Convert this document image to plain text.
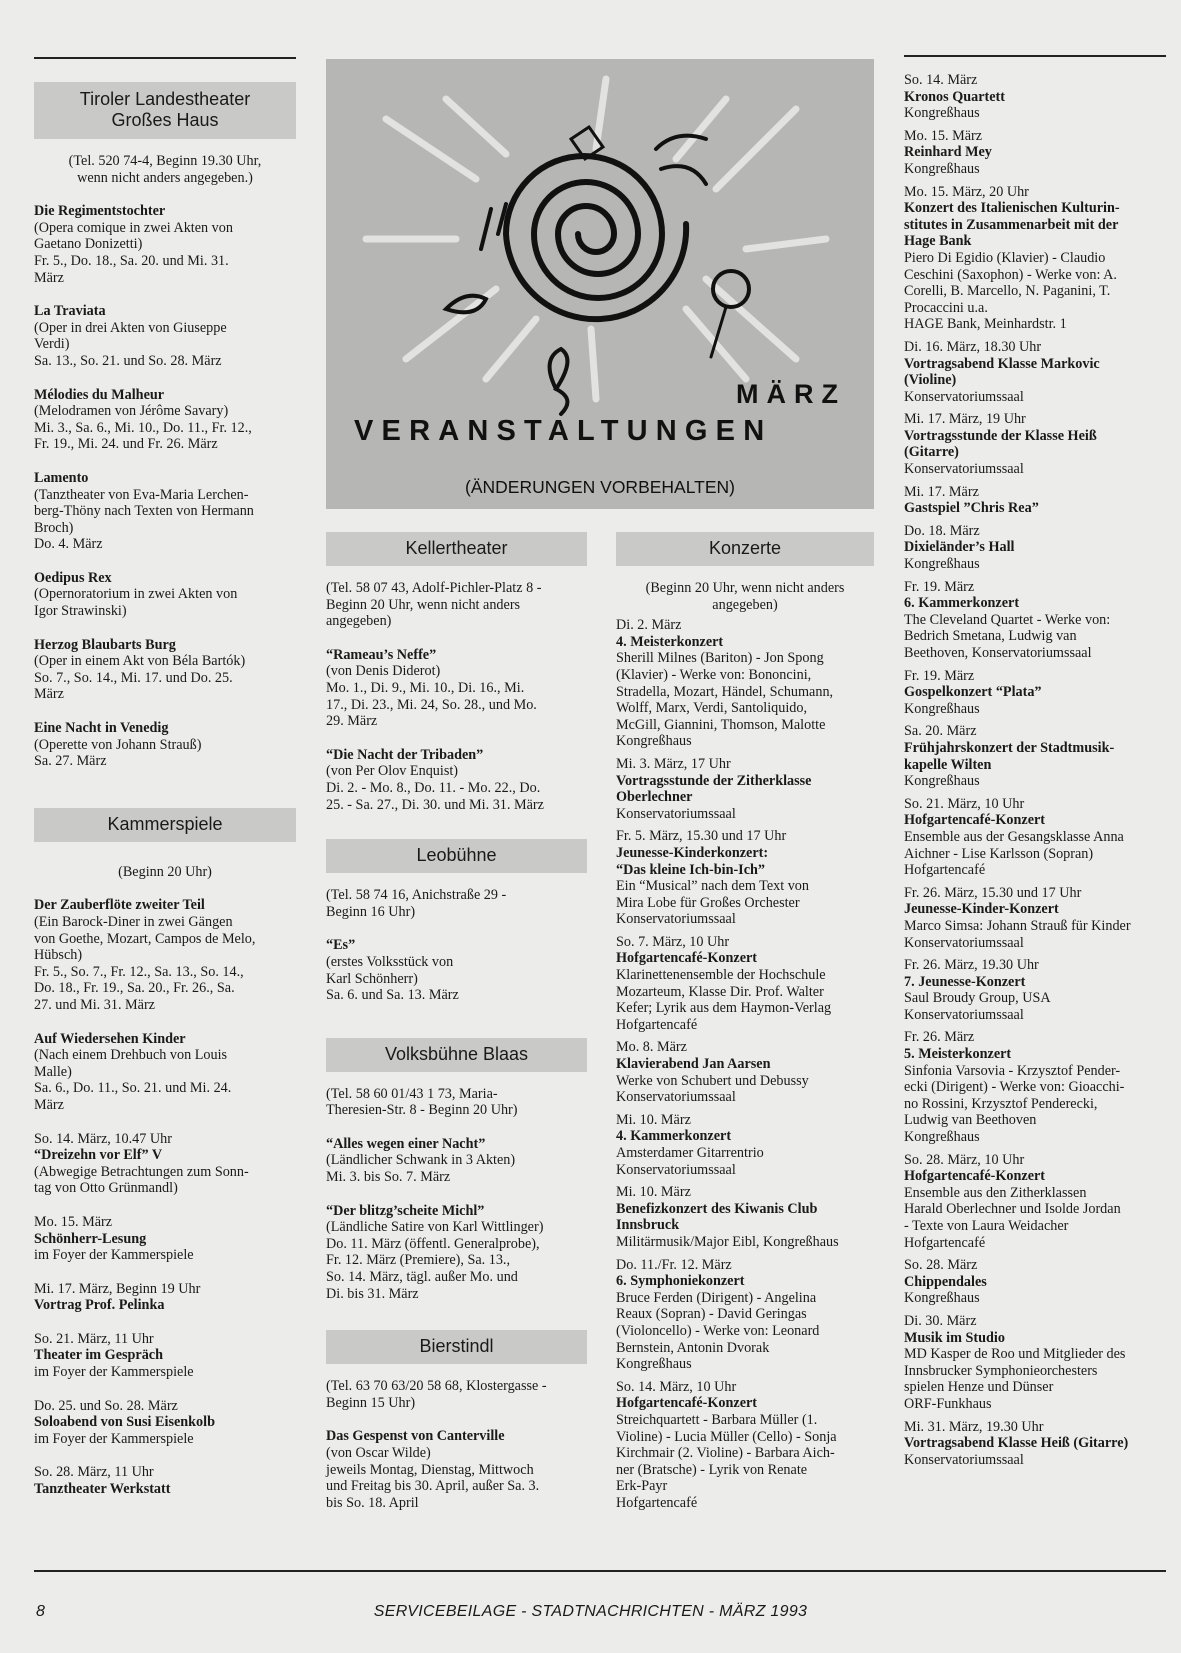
Tiroler Landestheater
Großes Haus
(Tel. 520 74-4, Beginn 19.30 Uhr,
wenn nicht anders angegeben.)
Die Regimentstochter
(Opera comique in zwei Akten von
Gaetano Donizetti)
Fr. 5., Do. 18., Sa. 20. und Mi. 31.
März
La Traviata
(Oper in drei Akten von Giuseppe
Verdi)
Sa. 13., So. 21. und So. 28. März
Mélodies du Malheur
(Melodramen von Jérôme Savary)
Mi. 3., Sa. 6., Mi. 10., Do. 11., Fr. 12.,
Fr. 19., Mi. 24. und Fr. 26. März
Lamento
(Tanztheater von Eva-Maria Lerchen-
berg-Thöny nach Texten von Hermann
Broch)
Do. 4. März
Oedipus Rex
(Opernoratorium in zwei Akten von
Igor Strawinski)
Herzog Blaubarts Burg
(Oper in einem Akt von Béla Bartók)
So. 7., So. 14., Mi. 17. und Do. 25.
März
Eine Nacht in Venedig
(Operette von Johann Strauß)
Sa. 27. März
Kammerspiele
(Beginn 20 Uhr)
Der Zauberflöte zweiter Teil
(Ein Barock-Diner in zwei Gängen
von Goethe, Mozart, Campos de Melo,
Hübsch)
Fr. 5., So. 7., Fr. 12., Sa. 13., So. 14.,
Do. 18., Fr. 19., Sa. 20., Fr. 26., Sa.
27. und Mi. 31. März
Auf Wiedersehen Kinder
(Nach einem Drehbuch von Louis
Malle)
Sa. 6., Do. 11., So. 21. und Mi. 24.
März
So. 14. März, 10.47 Uhr
“Dreizehn vor Elf” V
(Abwegige Betrachtungen zum Sonn-
tag von Otto Grünmandl)
Mo. 15. März
Schönherr-Lesung
im Foyer der Kammerspiele
Mi. 17. März, Beginn 19 Uhr
Vortrag Prof. Pelinka
So. 21. März, 11 Uhr
Theater im Gespräch
im Foyer der Kammerspiele
Do. 25. und So. 28. März
Soloabend von Susi Eisenkolb
im Foyer der Kammerspiele
So. 28. März, 11 Uhr
Tanztheater Werkstatt
MÄRZ
VERANSTALTUNGEN
(ÄNDERUNGEN VORBEHALTEN)
Kellertheater
(Tel. 58 07 43, Adolf-Pichler-Platz 8 -
Beginn 20 Uhr, wenn nicht anders
angegeben)
“Rameau’s Neffe”
(von Denis Diderot)
Mo. 1., Di. 9., Mi. 10., Di. 16., Mi.
17., Di. 23., Mi. 24, So. 28., und Mo.
29. März
“Die Nacht der Tribaden”
(von Per Olov Enquist)
Di. 2. - Mo. 8., Do. 11. - Mo. 22., Do.
25. - Sa. 27., Di. 30. und Mi. 31. März
Leobühne
(Tel. 58 74 16, Anichstraße 29 -
Beginn 16 Uhr)
“Es”
(erstes Volksstück von
Karl Schönherr)
Sa. 6. und Sa. 13. März
Volksbühne Blaas
(Tel. 58 60 01/43 1 73, Maria-
Theresien-Str. 8 - Beginn 20 Uhr)
“Alles wegen einer Nacht”
(Ländlicher Schwank in 3 Akten)
Mi. 3. bis So. 7. März
“Der blitzg’scheite Michl”
(Ländliche Satire von Karl Wittlinger)
Do. 11. März (öffentl. Generalprobe),
Fr. 12. März (Premiere), Sa. 13.,
So. 14. März, tägl. außer Mo. und
Di. bis 31. März
Bierstindl
(Tel. 63 70 63/20 58 68, Klostergasse -
Beginn 15 Uhr)
Das Gespenst von Canterville
(von Oscar Wilde)
jeweils Montag, Dienstag, Mittwoch
und Freitag bis 30. April, außer Sa. 3.
bis So. 18. April
Konzerte
(Beginn 20 Uhr, wenn nicht anders
angegeben)
Di. 2. März
4. Meisterkonzert
Sherill Milnes (Bariton) - Jon Spong
(Klavier) - Werke von: Bononcini,
Stradella, Mozart, Händel, Schumann,
Wolff, Marx, Verdi, Santoliquido,
McGill, Giannini, Thomson, Malotte
Kongreßhaus
Mi. 3. März, 17 Uhr
Vortragsstunde der Zitherklasse
Oberlechner
Konservatoriumssaal
Fr. 5. März, 15.30 und 17 Uhr
Jeunesse-Kinderkonzert:
“Das kleine Ich-bin-Ich”
Ein “Musical” nach dem Text von
Mira Lobe für Großes Orchester
Konservatoriumssaal
So. 7. März, 10 Uhr
Hofgartencafé-Konzert
Klarinettenensemble der Hochschule
Mozarteum, Klasse Dir. Prof. Walter
Kefer; Lyrik aus dem Haymon-Verlag
Hofgartencafé
Mo. 8. März
Klavierabend Jan Aarsen
Werke von Schubert und Debussy
Konservatoriumssaal
Mi. 10. März
4. Kammerkonzert
Amsterdamer Gitarrentrio
Konservatoriumssaal
Mi. 10. März
Benefizkonzert des Kiwanis Club
Innsbruck
Militärmusik/Major Eibl, Kongreßhaus
Do. 11./Fr. 12. März
6. Symphoniekonzert
Bruce Ferden (Dirigent) - Angelina
Reaux (Sopran) - David Geringas
(Violoncello) - Werke von: Leonard
Bernstein, Antonin Dvorak
Kongreßhaus
So. 14. März, 10 Uhr
Hofgartencafé-Konzert
Streichquartett - Barbara Müller (1.
Violine) - Lucia Müller (Cello) - Sonja
Kirchmair (2. Violine) - Barbara Aich-
ner (Bratsche) - Lyrik von Renate
Erk-Payr
Hofgartencafé
So. 14. März
Kronos Quartett
Kongreßhaus
Mo. 15. März
Reinhard Mey
Kongreßhaus
Mo. 15. März, 20 Uhr
Konzert des Italienischen Kulturin-
stitutes in Zusammenarbeit mit der
Hage Bank
Piero Di Egidio (Klavier) - Claudio
Ceschini (Saxophon) - Werke von: A.
Corelli, B. Marcello, N. Paganini, T.
Procaccini u.a.
HAGE Bank, Meinhardstr. 1
Di. 16. März, 18.30 Uhr
Vortragsabend Klasse Markovic
(Violine)
Konservatoriumssaal
Mi. 17. März, 19 Uhr
Vortragsstunde der Klasse Heiß
(Gitarre)
Konservatoriumssaal
Mi. 17. März
Gastspiel ”Chris Rea”
Do. 18. März
Dixieländer’s Hall
Kongreßhaus
Fr. 19. März
6. Kammerkonzert
The Cleveland Quartet - Werke von:
Bedrich Smetana, Ludwig van
Beethoven, Konservatoriumssaal
Fr. 19. März
Gospelkonzert “Plata”
Kongreßhaus
Sa. 20. März
Frühjahrskonzert der Stadtmusik-
kapelle Wilten
Kongreßhaus
So. 21. März, 10 Uhr
Hofgartencafé-Konzert
Ensemble aus der Gesangsklasse Anna
Aichner - Lise Karlsson (Sopran)
Hofgartencafé
Fr. 26. März, 15.30 und 17 Uhr
Jeunesse-Kinder-Konzert
Marco Simsa: Johann Strauß für Kinder
Konservatoriumssaal
Fr. 26. März, 19.30 Uhr
7. Jeunesse-Konzert
Saul Broudy Group, USA
Konservatoriumssaal
Fr. 26. März
5. Meisterkonzert
Sinfonia Varsovia - Krzysztof Pender-
ecki (Dirigent) - Werke von: Gioacchi-
no Rossini, Krzysztof Penderecki,
Ludwig van Beethoven
Kongreßhaus
So. 28. März, 10 Uhr
Hofgartencafé-Konzert
Ensemble aus den Zitherklassen
Harald Oberlechner und Isolde Jordan
- Texte von Laura Weidacher
Hofgartencafé
So. 28. März
Chippendales
Kongreßhaus
Di. 30. März
Musik im Studio
MD Kasper de Roo und Mitglieder des
Innsbrucker Symphonieorchesters
spielen Henze und Dünser
ORF-Funkhaus
Mi. 31. März, 19.30 Uhr
Vortragsabend Klasse Heiß (Gitarre)
Konservatoriumssaal
8	SERVICEBEILAGE - STADTNACHRICHTEN - MÄRZ 1993
